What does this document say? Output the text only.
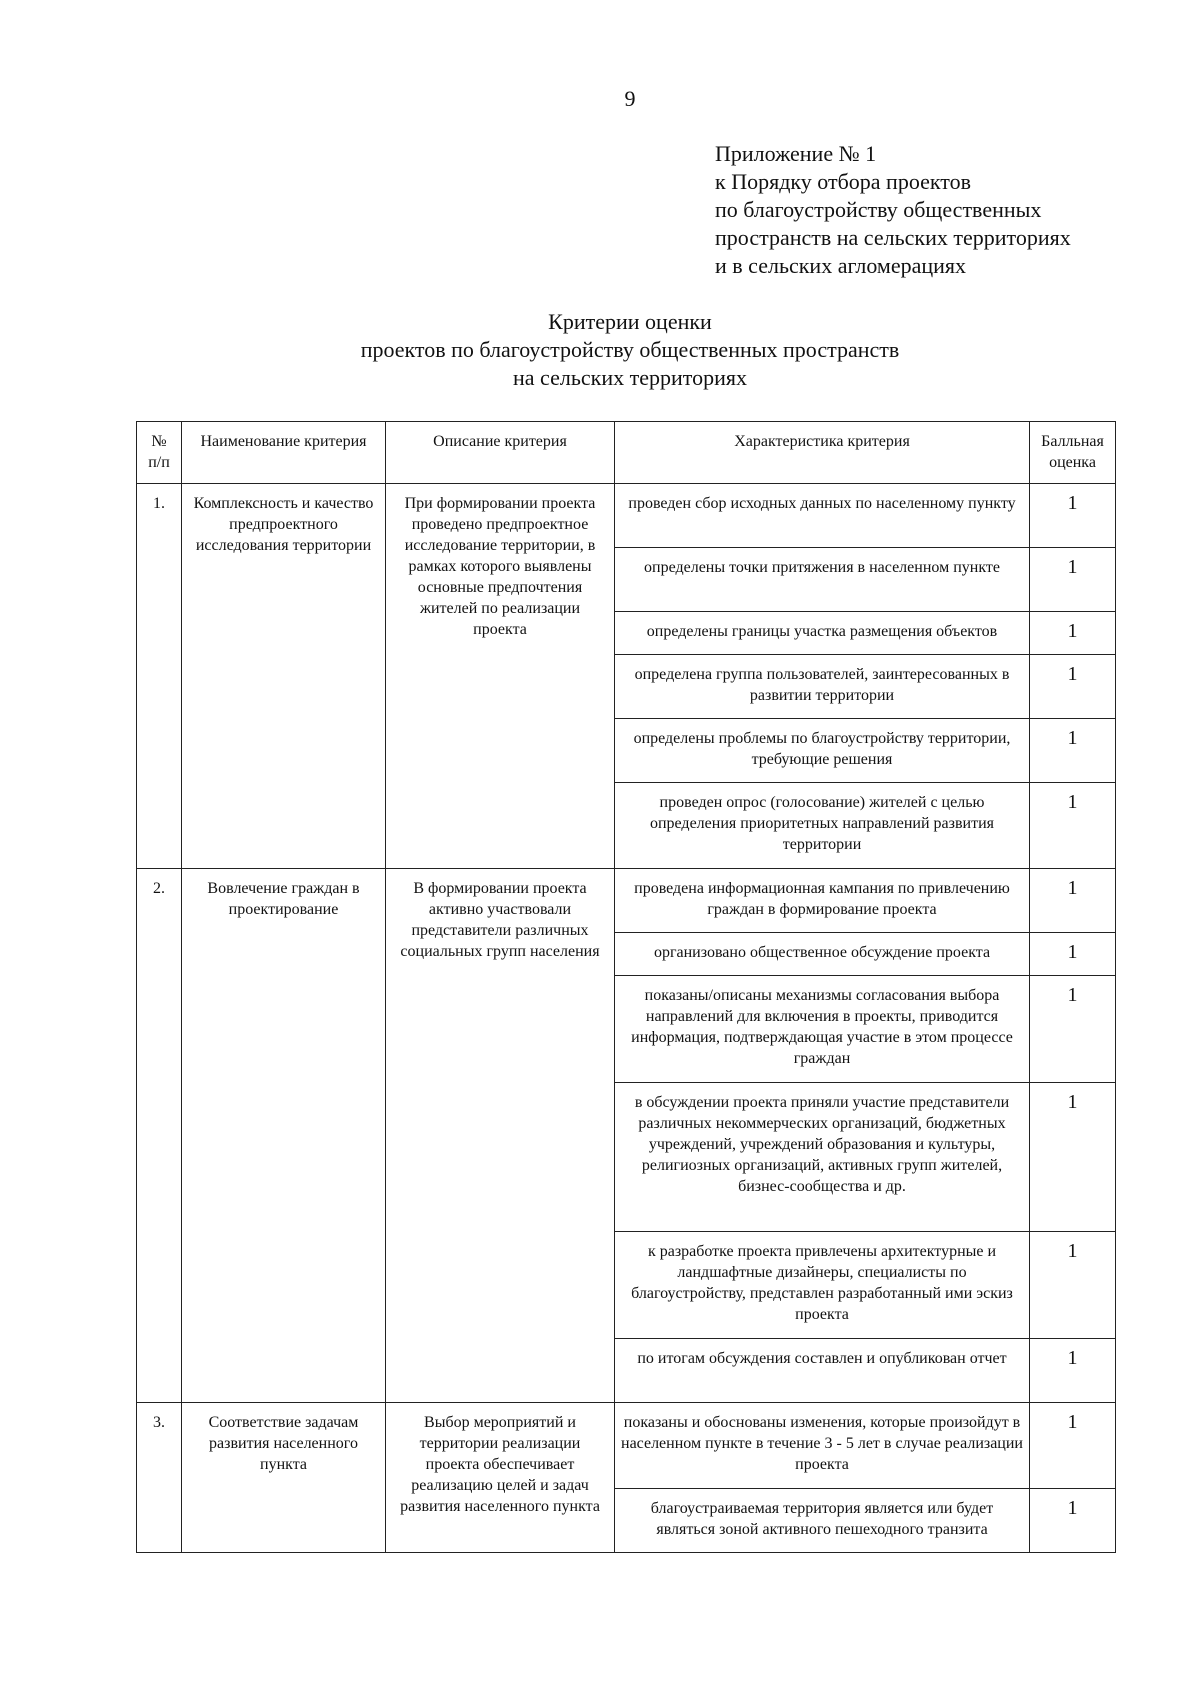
9
Приложение № 1
к Порядку отбора проектов
по благоустройству общественных
пространств на сельских территориях
и в сельских агломерациях
Критерии оценки
проектов по благоустройству общественных пространств
на сельских территориях
№ п/п	Наименование критерия	Описание критерия	Характеристика критерия	Балльная оценка
1.	Комплексность и качество предпроектного исследования территории	При формировании проекта проведено предпроектное исследование территории, в рамках которого выявлены основные предпочтения жителей по реализации проекта	проведен сбор исходных данных по населенному пункту	1
			определены точки притяжения в населенном пункте	1
			определены границы участка размещения объектов	1
			определена группа пользователей, заинтересованных в развитии территории	1
			определены проблемы по благоустройству территории, требующие решения	1
			проведен опрос (голосование) жителей с целью определения приоритетных направлений развития территории	1
2.	Вовлечение граждан в проектирование	В формировании проекта активно участвовали представители различных социальных групп населения	проведена информационная кампания по привлечению граждан в формирование проекта	1
			организовано общественное обсуждение проекта	1
			показаны/описаны механизмы согласования выбора направлений для включения в проекты, приводится информация, подтверждающая участие в этом процессе граждан	1
			в обсуждении проекта приняли участие представители различных некоммерческих организаций, бюджетных учреждений, учреждений образования и культуры, религиозных организаций, активных групп жителей, бизнес-сообщества и др.	1
			к разработке проекта привлечены архитектурные и ландшафтные дизайнеры, специалисты по благоустройству, представлен разработанный ими эскиз проекта	1
			по итогам обсуждения составлен и опубликован отчет	1
3.	Соответствие задачам развития населенного пункта	Выбор мероприятий и территории реализации проекта обеспечивает реализацию целей и задач развития населенного пункта	показаны и обоснованы изменения, которые произойдут в населенном пункте в течение 3 - 5 лет в случае реализации проекта	1
			благоустраиваемая территория является или будет являться зоной активного пешеходного транзита	1
